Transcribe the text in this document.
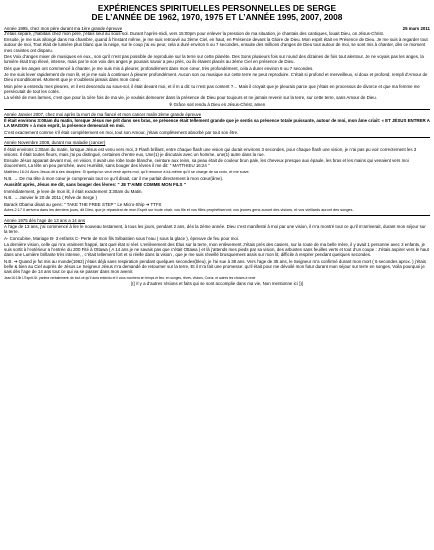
EXPÉRIENCES SPIRITUELLES PERSONNELLES DE SERGE
DE L’ANNÉE DE 1962, 1970, 1975 ET L’ANNÉE 1995, 2007, 2008
Année 1995, chez mon père durant ma 1ère grande épreuve	25 mars 2011

J’étais séparé, j’habitais chez mon père, j’étais seul au sous-sol. Durant l’après-midi, vers 15:00pm pour enlever la pression de ma situation, je chantais des cantiques, louait Dieu, on Jésus-Christ.

Ensuite, je me suis allongé dans ma chambre, quand à l’instant même, je me suis retrouvé au 3ème Ciel, en haut, en Présence devant la Gloire de Dieu. Mon esprit était en Présence de Dieu. Je me suis à regarder tout autour de moi, Tout était de lumière plus blanc que la neige, sur le coup j’ai eu peur, cela a duré environ 6 ou 7 secondes, ensuite des millions d’anges de Dieu tout autour de moi, se sont mis à chanter, dès ce moment mes craintes ont disparu.

Des Voix d’anges mixer de musiques en eux,, son qu’il n’est pas possible de reproduire sur la terre sur cette planète. Des Sons plusieurs fois sur round des dizaines de fois tout alentour. Je ne voyais pas les anges, la lumière était trop élevé, intense, mais par le son voix des anges je pouvais savoir a peu près, ou ils étaient placés au 3ème Ciel en présence de Dieu.

Dès que les anges ont commencé à chanter, je me suis mis à pleurer, profondément dans mon cœur, très profondément, cela a durer environ 6 ou 7 secondes.

Je me suis lever rapidement de mon lit, et je me suis à continuer à pleurer profondément. Aucun son ou musique sur cette terre ne peut reproduire. C’était si profond et merveilleux, si doux et profond, rempli d’Amour de Dieu inconditionnel. Moment que je n’oublierai jamais dans mon cœur.

Mon père a entendu mes pleures, et il est descendu au sous-sol, il était devant moi, et il m a dit: tu n’est pas content ?… Mais il croyait que je pleurais parce que j’étais en processus de divorce et que ma femme me persécutait de tout les cotés.

La vérité de mes larmes, c’est que pour la 1ère fois de ma vie, je voulais demeurer dans la présence de Dieu pour toujours et ne jamais revenir sur la terre, sur cette terre, sans Amour de Dieu.

✞ Grâce soit rendu à Dieu en Jésus-Christ, amen

Année Janvier 2007, chez moi après la mort de ma fiancé et mon cancer malin 2ème grande épreuve

Il était environs 3:00am du matin, lorsque Jésus me prit dans ses bras, se présence était tellement grande que je sentis sa présence totale puissante, autour de moi, mon âme criait: « ET JÉSUS ENTRER A LA MAISON » à mon esprit, la présence demeurait en moi.

C’est exactement comme s’il était complètement en moi, tout son Amour, j’étais complètement absorbé par tout son être.

Année Novembre 2008, durant ma maladie (cancer)

Il était environs 1:30am du matin, lorsque Jésus est venu vers moi, 3 Flash brillant, entre chaque flash une vision qui durait environs 3 secondes, pour chaque flash une vision, je n’ai pas pu voir correctement les 3 visions. Il était toutes fleurs, mais j’ai pu distingué, certaines d’entre eux, Une(1) je discutais avec un homme, une(1) autre dans la rue.

Ensuite Jésus apparait devant moi, en vision, Il avait une robe toute blanche, ceinture aux reins, sa peau était de couleur brun pale, les cheveux presque aux épaule, les bras et les mains qui venaient vers moi doucement, La tête un peu penchée, avec Humilité, sans bouger des lèvres il me dit: " MATTHIEU 16:24 "

Matthieu 16:24 Alors Jésus dit à ses disciples: Si quelqu’un veut venir après moi, qu’il renonce à lui-même qu’il se charge de sa croix, et me suive.

N.B. → De ma tête à mon cœur je comprenais tout ce qu’il disait, car il me parlait directement à mon cœur(âme).

Aussitôt après, Jésus me dit, sans bouger des lèvres: " JE T’AIME COMME MON FILS "

Immédiatement, je leve de mon lit, il était exactement 3:30am du Matin.

N.B. → Janvier le 20 de 2011 ( Rêve de Serge )

Barack Obama disait au gens: " TAKE THE FREE STEP " Le Micro-Ship ➔ TTFS

Actes 2:17 Il arrivera dans les derniers jours, dit Dieu, que je répandrai de mon Esprit sur toute chair, vos fils et vos filles prophétiseront; vos jeunes gens auront des visions, et vos vieillards auront des songes.

Année 1975 dès l’age de 13 ans a 14 ans

A l’age de 13 ans, j’ai commencé à lire le nouveau testament, à tous les jours, pendant 2 ans, dès la 2ème année. Dieu c’est manifesté à moi par une vision, il m’a montré tout ce qu’il m’arriverait, durant mon séjour sur la terre.

A- Concubine, Mariage B- 3 enfants C- Perte de mon fils Sébastien sous l’eau ( sous la glace ), épreuve de feu pour moi.

La dernière vision, celle qui m’a vraiment frappé, tant quel état si réel. L’enlèvement des Élus sur la terre, mon enlèvement J’étais près des casiers, sur la route de ma belle mère, il y avait 1 personne avec 2 enfants, je suis sortit à l’extérieur a l’entrée du 200 Fité à Ottawa ( A 14 ans je ne savais pas que c’était Ottawa ) et là j’attends mes pieds par sa vision, des arbustes sans feuilles verts et tout d’un coupe : J’étais aspirer vers le haut dans une Lumière brillante très intense, , c’était tellement fort et si réelle dans la vision , que je me suis réveillé brusquement assis sur mon lit, difficile à respirer pendant quelques secondes.

N.B. ➔ Quand je fut mis au monde(1962) j’étais déjà sans respiration pendant quelques secondes(bleu), je l’ai sue à 38 ans. Vers l’age de 35 ans, le Seigneur m’a confirmé durant mon mort ( 6 secondes aprox. ) j’étais belle & bien au Ciel auprès de Jésus Le Seigneur Jésus m’a demandé de retourner sur la terre, Et il m’a fait une promesse: qu’il était pour me dévoilé mon futur durant mon séjour sur terre en songes, Voila pourquoi je sais dès l’age de 14 ans tout ce qui va se passer dans mon avenir.

Jean16:13b L’Esprit-St. parlera verbalement: de tout ce qu’il aura entendu et il vous montrera en temps et lieu: en songes, rêves, visions, Coeur, et autres les choses à venir

((( Il y a d’autres Visions et faits qui se sont accomplie dans ma vie, Non mentionne ici )))
